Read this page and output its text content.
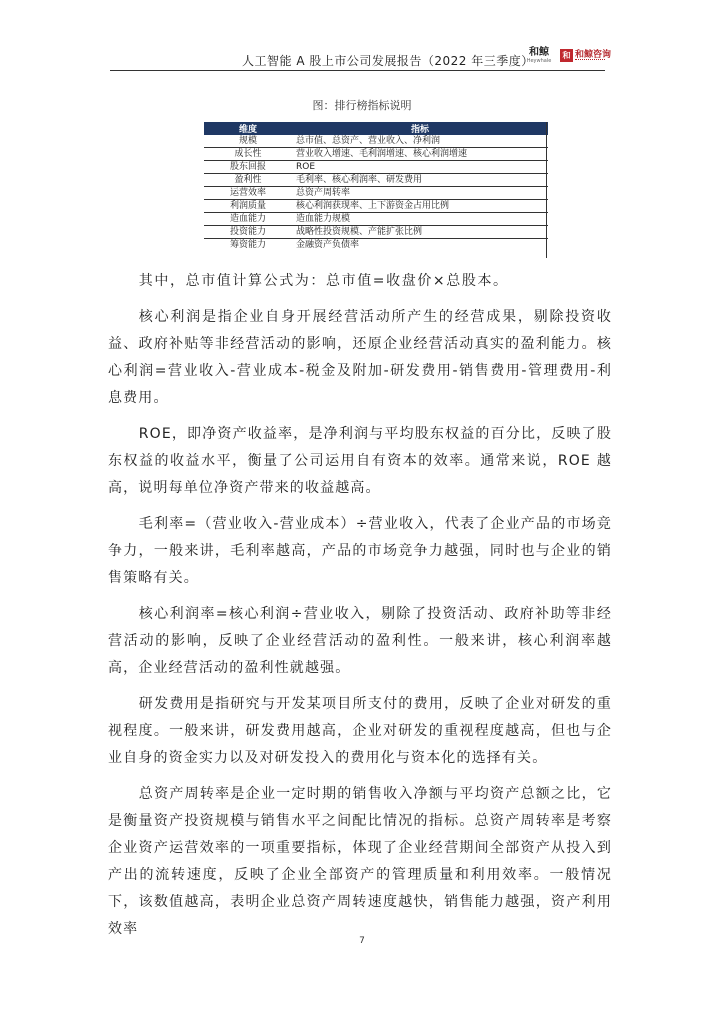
人工智能 A 股上市公司发展报告（2022 年三季度）
和鲸
Heywhale
和 和鲸咨询
图：排行榜指标说明
维度	指标
规模	总市值、总资产、营业收入、净利润
成长性	营业收入增速、毛利润增速、核心利润增速
股东回报	ROE
盈利性	毛利率、核心利润率、研发费用
运营效率	总资产周转率
利润质量	核心利润获现率、上下游资金占用比例
造血能力	造血能力规模
投资能力	战略性投资规模、产能扩张比例
筹资能力	金融资产负债率

其中，总市值计算公式为：总市值=收盘价×总股本。

核心利润是指企业自身开展经营活动所产生的经营成果，剔除投资收益、政府补贴等非经营活动的影响，还原企业经营活动真实的盈利能力。核心利润=营业收入-营业成本-税金及附加-研发费用-销售费用-管理费用-利息费用。

ROE，即净资产收益率，是净利润与平均股东权益的百分比，反映了股东权益的收益水平，衡量了公司运用自有资本的效率。通常来说，ROE 越高，说明每单位净资产带来的收益越高。

毛利率=（营业收入-营业成本）÷营业收入，代表了企业产品的市场竞争力，一般来讲，毛利率越高，产品的市场竞争力越强，同时也与企业的销售策略有关。

核心利润率=核心利润÷营业收入，剔除了投资活动、政府补助等非经营活动的影响，反映了企业经营活动的盈利性。一般来讲，核心利润率越高，企业经营活动的盈利性就越强。

研发费用是指研究与开发某项目所支付的费用，反映了企业对研发的重视程度。一般来讲，研发费用越高，企业对研发的重视程度越高，但也与企业自身的资金实力以及对研发投入的费用化与资本化的选择有关。

总资产周转率是企业一定时期的销售收入净额与平均资产总额之比，它是衡量资产投资规模与销售水平之间配比情况的指标。总资产周转率是考察企业资产运营效率的一项重要指标，体现了企业经营期间全部资产从投入到产出的流转速度，反映了企业全部资产的管理质量和利用效率。一般情况下，该数值越高，表明企业总资产周转速度越快，销售能力越强，资产利用效率

7
